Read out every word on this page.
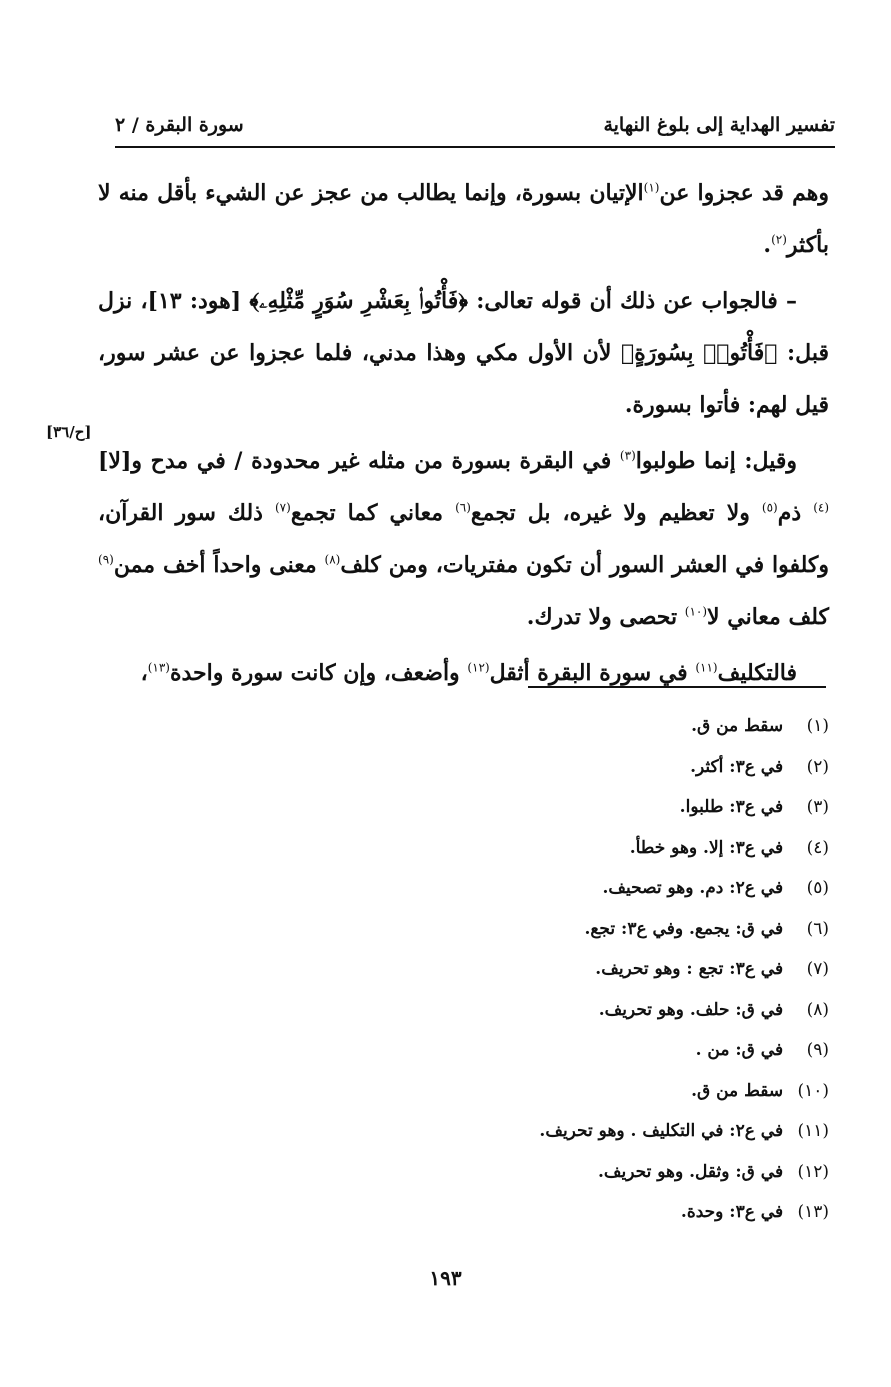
تفسير الهداية إلى بلوغ النهاية
سورة البقرة / ٢
[ح/٣٦]

وهم قد عجزوا عن$^{(١)}$الإتيان بسورة، وإنما يطالب من عجز عن الشيء بأقل منه لا بأكثر$^{(٢)}$.

– فالجواب عن ذلك أن قوله تعالى: ﴿فَأْتُوا۟ بِعَشْرِ سُوَرٍ مِّثْلِهِۦ﴾ [هود: ١٣]، نزل قبل: ﴿فَأْتُوا۟ بِسُورَةٍ﴾ لأن الأول مكي وهذا مدني، فلما عجزوا عن عشر سور، قيل لهم: فأتوا بسورة.

وقيل: إنما طولبوا$^{(٣)}$ في البقرة بسورة من مثله غير محدودة / في مدح و[لا]$^{(٤)}$ ذم$^{(٥)}$ ولا تعظيم ولا غيره، بل تجمع$^{(٦)}$ معاني كما تجمع$^{(٧)}$ ذلك سور القرآن، وكلفوا في العشر السور أن تكون مفتريات، ومن كلف$^{(٨)}$ معنى واحداً أخف ممن$^{(٩)}$ كلف معاني لا$^{(١٠)}$ تحصى ولا تدرك.

فالتكليف$^{(١١)}$ في سورة البقرة أثقل$^{(١٢)}$ وأضعف، وإن كانت سورة واحدة$^{(١٣)}$،

(١) سقط من ق.
(٢) في ع٣: أكثر.
(٣) في ع٣: طلبوا.
(٤) في ع٣: إلا. وهو خطأ.
(٥) في ع٢: دم. وهو تصحيف.
(٦) في ق: يجمع. وفي ع٣: تجع.
(٧) في ع٣: تجع : وهو تحريف.
(٨) في ق: حلف. وهو تحريف.
(٩) في ق: من .
(١٠) سقط من ق.
(١١) في ع٢: في التكليف . وهو تحريف.
(١٢) في ق: وثقل. وهو تحريف.
(١٣) في ع٣: وحدة.
١٩٣
